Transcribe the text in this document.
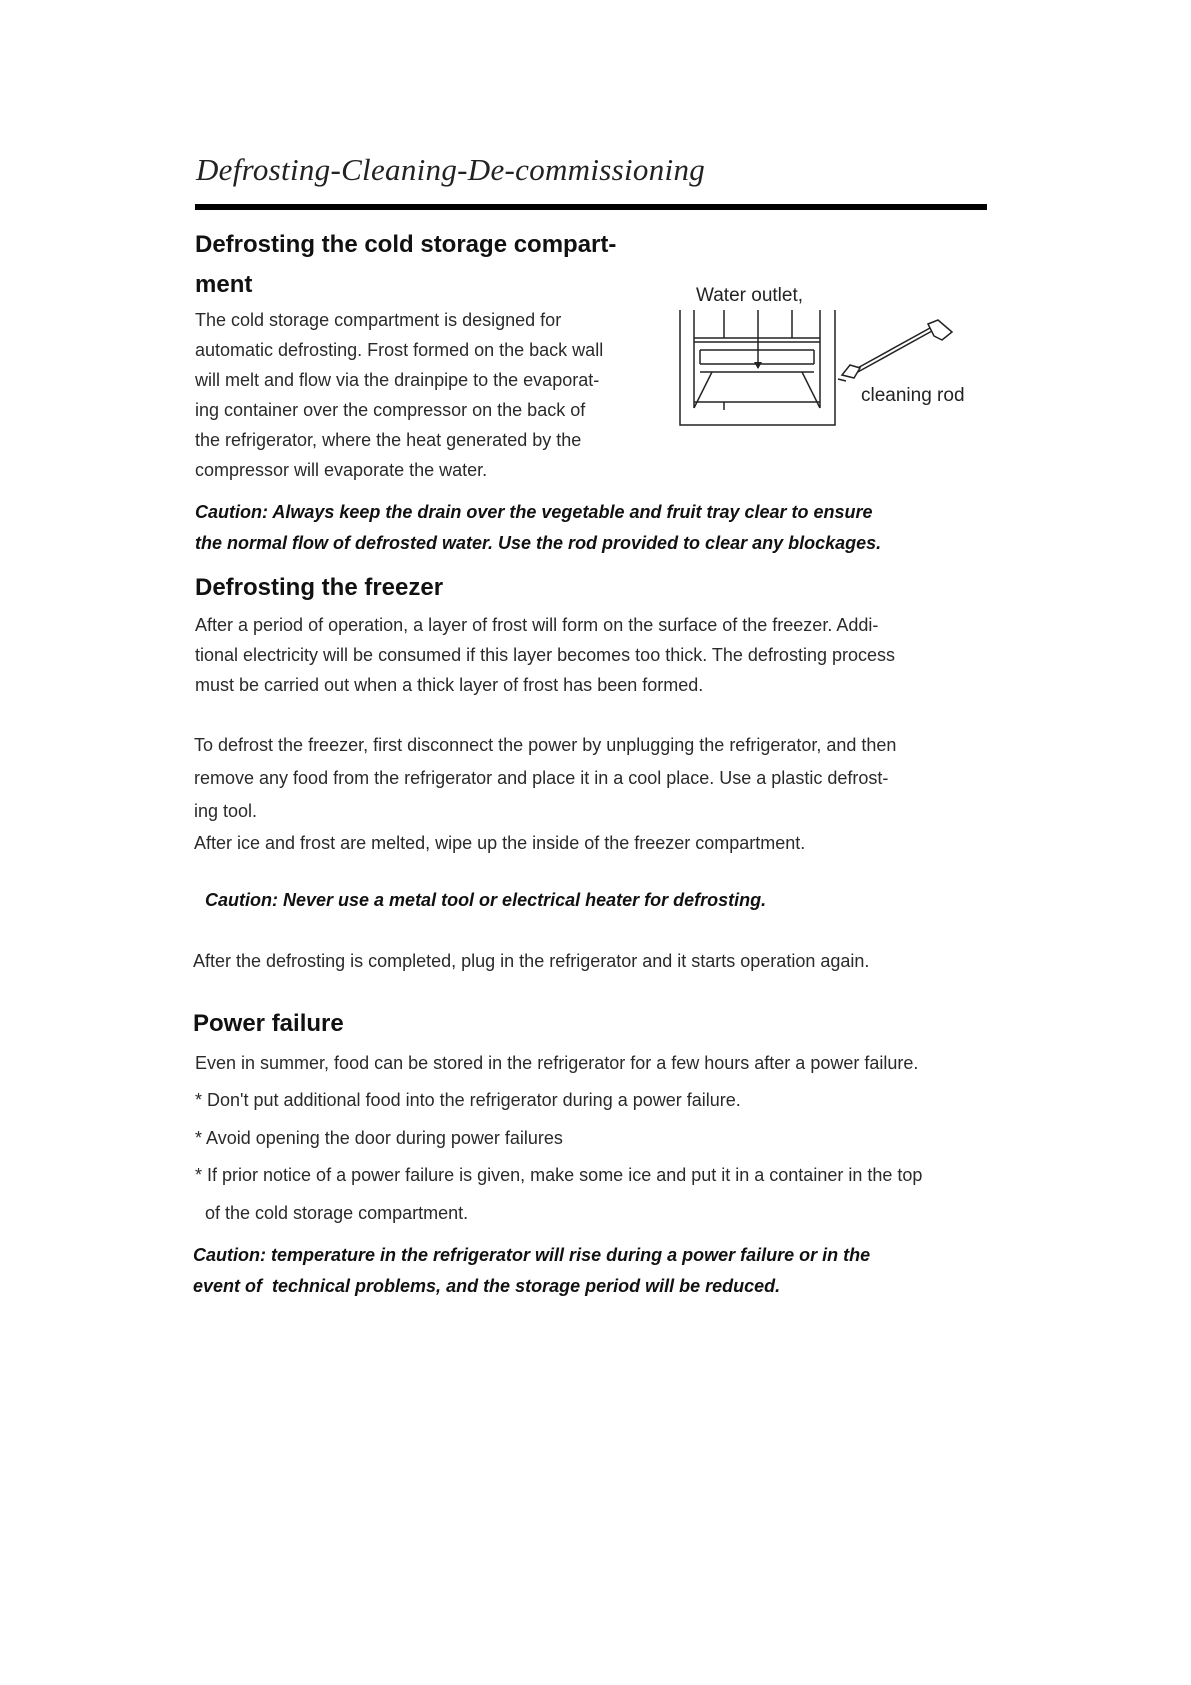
Defrosting-Cleaning-De-commissioning
Defrosting the cold storage compart-
ment
The cold storage compartment is designed for
automatic defrosting. Frost formed on the back wall
will melt and flow via the drainpipe to the evaporat-
ing container over the compressor on the back of
the refrigerator, where the heat generated by the
compressor will evaporate the water.
Water outlet,
cleaning rod
Caution: Always keep the drain over the vegetable and fruit tray clear to ensure
the normal flow of defrosted water. Use the rod provided to clear any blockages.
Defrosting the freezer
After a period of operation, a layer of frost will form on the surface of the freezer. Addi-
tional electricity will be consumed if this layer becomes too thick. The defrosting process
must be carried out when a thick layer of frost has been formed.
To defrost the freezer, first disconnect the power by unplugging the refrigerator, and then
remove any food from the refrigerator and place it in a cool place. Use a plastic defrost-
ing tool.
After ice and frost are melted, wipe up the inside of the freezer compartment.
Caution: Never use a metal tool or electrical heater for defrosting.
After the defrosting is completed, plug in the refrigerator and it starts operation again.
Power failure
Even in summer, food can be stored in the refrigerator for a few hours after a power failure.
* Don't put additional food into the refrigerator during a power failure.
* Avoid opening the door during power failures
* If prior notice of a power failure is given, make some ice and put it in a container in the top
of the cold storage compartment.
Caution: temperature in the refrigerator will rise during a power failure or in the
event of  technical problems, and the storage period will be reduced.
